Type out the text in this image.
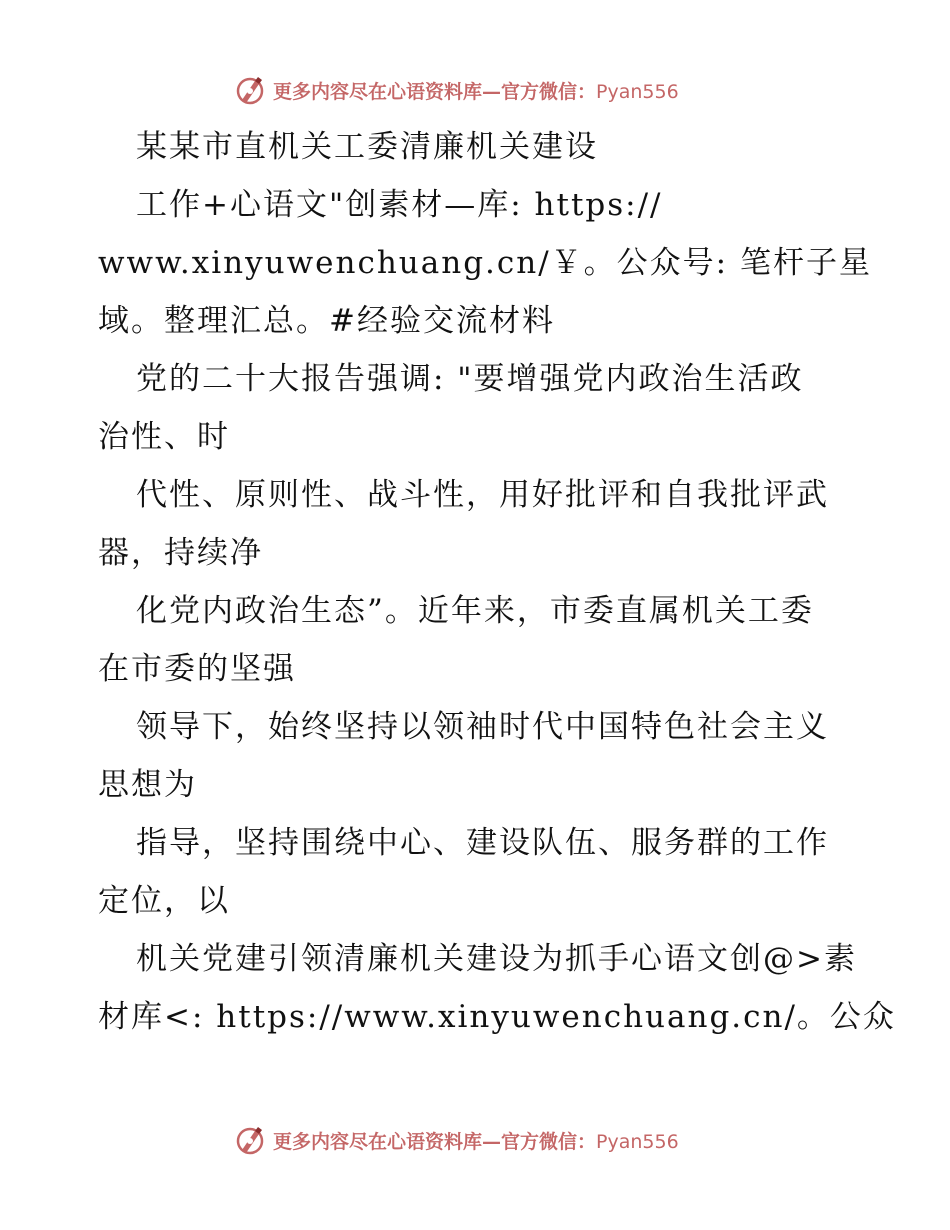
更多内容尽在心语资料库—官方微信：Pyan556
某某市直机关工委清廉机关建设
工作+心语文"创素材—库: https://
www.xinyuwenchuang.cn/￥。公众号: 笔杆子星
域。整理汇总。#经验交流材料
党的二十大报告强调: "要增强党内政治生活政
治性、时
代性、原则性、战斗性，用好批评和自我批评武
器，持续净
化党内政治生态”。近年来，市委直属机关工委
在市委的坚强
领导下，始终坚持以领袖时代中国特色社会主义
思想为
指导，坚持围绕中心、建设队伍、服务群的工作
定位，以
机关党建引领清廉机关建设为抓手心语文创@>素
材库<: https://www.xinyuwenchuang.cn/。公众
更多内容尽在心语资料库—官方微信：Pyan556
